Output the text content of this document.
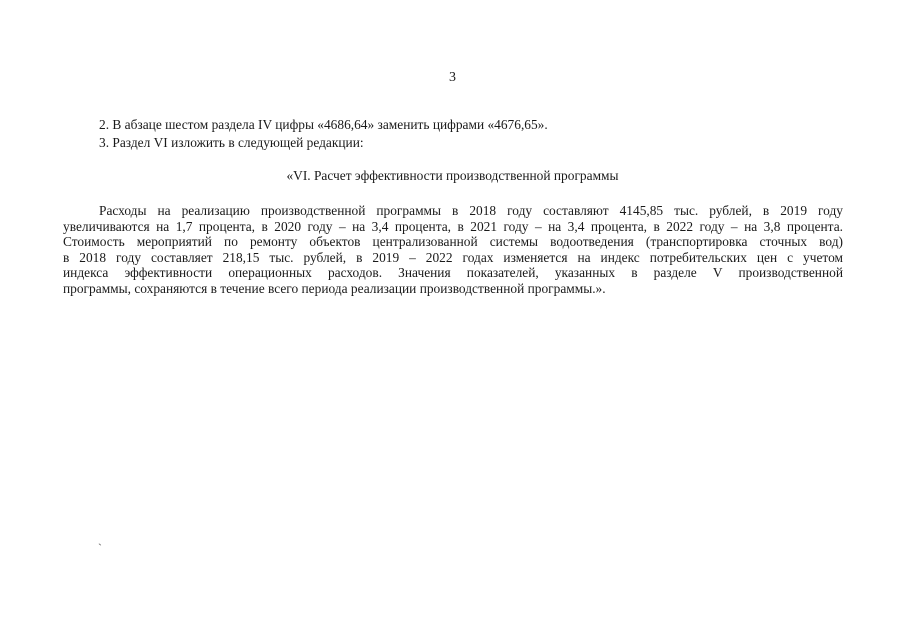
3
2. В абзаце шестом раздела IV цифры «4686,64» заменить цифрами «4676,65».
3. Раздел VI изложить в следующей редакции:
«VI. Расчет эффективности производственной программы
Расходы на реализацию производственной программы в 2018 году составляют 4145,85 тыс. рублей, в 2019 году
увеличиваются на 1,7 процента, в 2020 году – на 3,4 процента, в 2021 году – на 3,4 процента, в 2022 году – на 3,8 процента.
Стоимость мероприятий по ремонту объектов централизованной системы водоотведения (транспортировка сточных вод)
в 2018 году составляет 218,15 тыс. рублей, в 2019 – 2022 годах изменяется на индекс потребительских цен с учетом
индекса эффективности операционных расходов. Значения показателей, указанных в разделе V производственной
программы, сохраняются в течение всего периода реализации производственной программы.».
`
